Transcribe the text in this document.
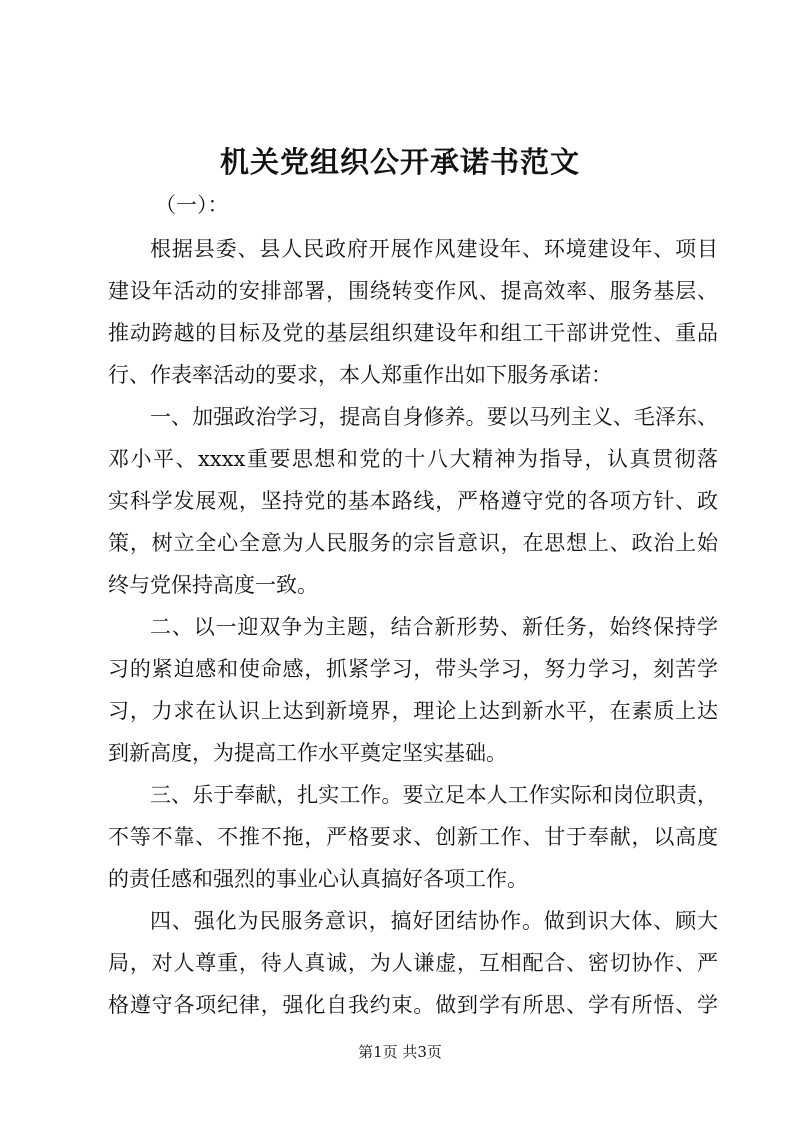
机关党组织公开承诺书范文
（一）：
根据县委、县人民政府开展作风建设年、环境建设年、项目
建设年活动的安排部署，围绕转变作风、提高效率、服务基层、
推动跨越的目标及党的基层组织建设年和组工干部讲党性、重品
行、作表率活动的要求，本人郑重作出如下服务承诺：
一、加强政治学习，提高自身修养。要以马列主义、毛泽东、
邓小平、xxxx重要思想和党的十八大精神为指导，认真贯彻落
实科学发展观，坚持党的基本路线，严格遵守党的各项方针、政
策，树立全心全意为人民服务的宗旨意识，在思想上、政治上始
终与党保持高度一致。
二、以一迎双争为主题，结合新形势、新任务，始终保持学
习的紧迫感和使命感，抓紧学习，带头学习，努力学习，刻苦学
习，力求在认识上达到新境界，理论上达到新水平，在素质上达
到新高度，为提高工作水平奠定坚实基础。
三、乐于奉献，扎实工作。要立足本人工作实际和岗位职责，
不等不靠、不推不拖，严格要求、创新工作、甘于奉献，以高度
的责任感和强烈的事业心认真搞好各项工作。
四、强化为民服务意识，搞好团结协作。做到识大体、顾大
局，对人尊重，待人真诚，为人谦虚，互相配合、密切协作、严
格遵守各项纪律，强化自我约束。做到学有所思、学有所悟、学
第1页 共3页
